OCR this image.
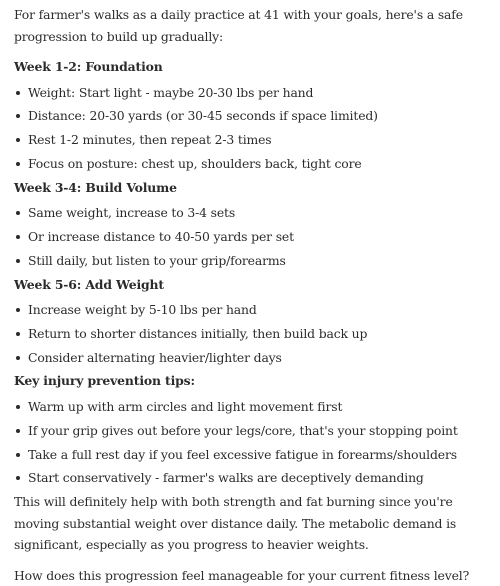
For farmer's walks as a daily practice at 41 with your goals, here's a safe progression to build up gradually:

Week 1-2: Foundation

Weight: Start light - maybe 20-30 lbs per hand
Distance: 20-30 yards (or 30-45 seconds if space limited)
Rest 1-2 minutes, then repeat 2-3 times
Focus on posture: chest up, shoulders back, tight core

Week 3-4: Build Volume

Same weight, increase to 3-4 sets
Or increase distance to 40-50 yards per set
Still daily, but listen to your grip/forearms

Week 5-6: Add Weight

Increase weight by 5-10 lbs per hand
Return to shorter distances initially, then build back up
Consider alternating heavier/lighter days

Key injury prevention tips:

Warm up with arm circles and light movement first
If your grip gives out before your legs/core, that's your stopping point
Take a full rest day if you feel excessive fatigue in forearms/shoulders
Start conservatively - farmer's walks are deceptively demanding

This will definitely help with both strength and fat burning since you're moving substantial weight over distance daily. The metabolic demand is significant, especially as you progress to heavier weights.

How does this progression feel manageable for your current fitness level?
